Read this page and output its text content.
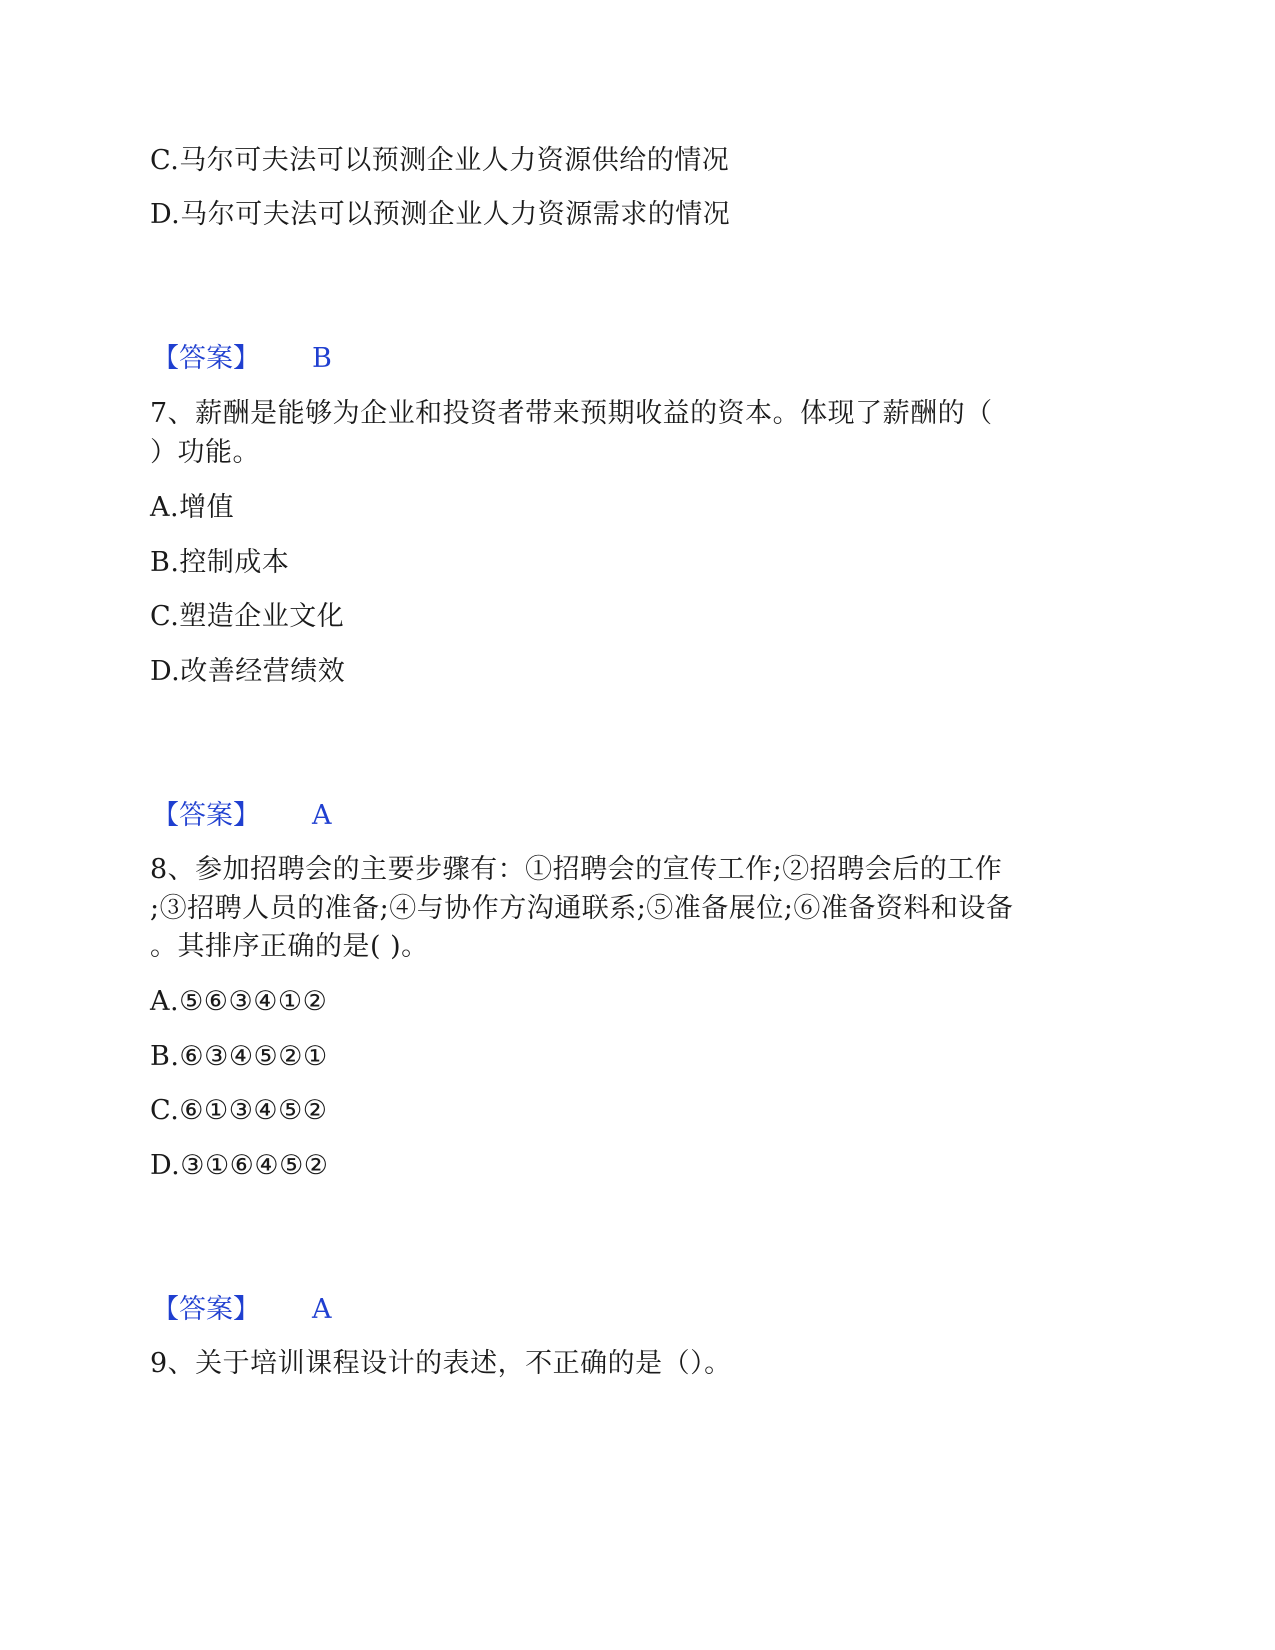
C.马尔可夫法可以预测企业人力资源供给的情况
D.马尔可夫法可以预测企业人力资源需求的情况
【答案】 B
7、薪酬是能够为企业和投资者带来预期收益的资本。体现了薪酬的（
）功能。
A.增值
B.控制成本
C.塑造企业文化
D.改善经营绩效
【答案】 A
8、参加招聘会的主要步骤有：①招聘会的宣传工作;②招聘会后的工作
;③招聘人员的准备;④与协作方沟通联系;⑤准备展位;⑥准备资料和设备
。其排序正确的是( )。
A.⑤⑥③④①②
B.⑥③④⑤②①
C.⑥①③④⑤②
D.③①⑥④⑤②
【答案】 A
9、关于培训课程设计的表述，不正确的是（）。
